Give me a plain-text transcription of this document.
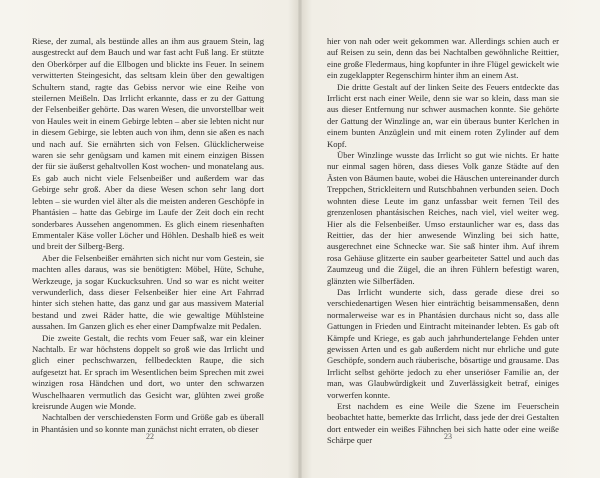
Riese, der zumal, als bestünde alles an ihm aus grauem Stein, lag ausgestreckt auf dem Bauch und war fast acht Fuß lang. Er stützte den Oberkörper auf die Ellbogen und blickte ins Feuer. In seinem verwitterten Steingesicht, das seltsam klein über den gewaltigen Schultern stand, ragte das Gebiss nervor wie eine Reihe von steilernen Meißeln. Das Irrlicht erkannte, dass er zu der Gattung der Felsenbeißer gehörte. Das waren Wesen, die unvorstellbar weit von Haules weit in einem Gebirge lebten – aber sie lebten nicht nur in diesem Gebirge, sie lebten auch von ihm, denn sie aßen es nach und nach auf. Sie ernährten sich von Felsen. Glücklicherweise waren sie sehr genügsam und kamen mit einem einzigen Bissen der für sie äußerst gehaltvollen Kost wochen- und monatelang aus. Es gab auch nicht viele Felsenbeißer und außerdem war das Gebirge sehr groß. Aber da diese Wesen schon sehr lang dort lebten – sie wurden viel älter als die meisten anderen Geschöpfe in Phantásien – hatte das Gebirge im Laufe der Zeit doch ein recht sonderbares Aussehen angenommen. Es glich einem riesenhaften Emmentaler Käse voller Löcher und Höhlen. Deshalb hieß es weit und breit der Silberg-Berg.

Aber die Felsenbeißer ernährten sich nicht nur vom Gestein, sie machten alles daraus, was sie benötigten: Möbel, Hüte, Schuhe, Werkzeuge, ja sogar Kuckucksuhren. Und so war es nicht weiter verwunderlich, dass dieser Felsenbeißer hier eine Art Fahrrad hinter sich stehen hatte, das ganz und gar aus massivem Material bestand und zwei Räder hatte, die wie gewaltige Mühlsteine aussahen. Im Ganzen glich es eher einer Dampfwalze mit Pedalen.

Die zweite Gestalt, die rechts vom Feuer saß, war ein kleiner Nachtalb. Er war höchstens doppelt so groß wie das Irrlicht und glich einer pechschwarzen, fellbedeckten Raupe, die sich aufgesetzt hat. Er sprach im Wesentlichen beim Sprechen mit zwei winzigen rosa Händchen und dort, wo unter den schwarzen Wuschelhaaren vermutlich das Gesicht war, glühten zwei große kreisrunde Augen wie Monde.

Nachtalben der verschiedensten Form und Größe gab es überall in Phantásien und so konnte man zunächst nicht erraten, ob dieser

22

hier von nah oder weit gekommen war. Allerdings schien auch er auf Reisen zu sein, denn das bei Nachtalben gewöhnliche Reittier, eine große Fledermaus, hing kopfunter in ihre Flügel gewickelt wie ein zugeklappter Regenschirm hinter ihm an einem Ast.

Die dritte Gestalt auf der linken Seite des Feuers entdeckte das Irrlicht erst nach einer Weile, denn sie war so klein, dass man sie aus dieser Entfernung nur schwer ausmachen konnte. Sie gehörte der Gattung der Winzlinge an, war ein überaus bunter Kerlchen in einem bunten Anzüglein und mit einem roten Zylinder auf dem Kopf.

Über Winzlinge wusste das Irrlicht so gut wie nichts. Er hatte nur einmal sagen hören, dass dieses Volk ganze Städte auf den Ästen von Bäumen baute, wobei die Häuschen untereinander durch Treppchen, Strickleitern und Rutschbahnen verbunden seien. Doch wohnten diese Leute im ganz unfassbar weit fernen Teil des grenzenlosen phantásischen Reiches, nach viel, viel weiter weg. Hier als die Felsenbeißer. Umso erstaunlicher war es, dass das Reittier, das der hier anwesende Winzling bei sich hatte, ausgerechnet eine Schnecke war. Sie saß hinter ihm. Auf ihrem rosa Gehäuse glitzerte ein sauber gearbeiteter Sattel und auch das Zaumzeug und die Zügel, die an ihren Fühlern befestigt waren, glänzten wie Silberfäden.

Das Irrlicht wunderte sich, dass gerade diese drei so verschiedenartigen Wesen hier einträchtig beisammensaßen, denn normalerweise war es in Phantásien durchaus nicht so, dass alle Gattungen in Frieden und Eintracht miteinander lebten. Es gab oft Kämpfe und Kriege, es gab auch jahrhundertelange Fehden unter gewissen Arten und es gab außerdem nicht nur ehrliche und gute Geschöpfe, sondern auch räuberische, bösartige und grausame. Das Irrlicht selbst gehörte jedoch zu eher unseriöser Familie an, der man, was Glaubwürdigkeit und Zuverlässigkeit betraf, einiges vorwerfen konnte.

Erst nachdem es eine Weile die Szene im Feuerschein beobachtet hatte, bemerkte das Irrlicht, dass jede der drei Gestalten dort entweder ein weißes Fähnchen bei sich hatte oder eine weiße Schärpe quer	23
